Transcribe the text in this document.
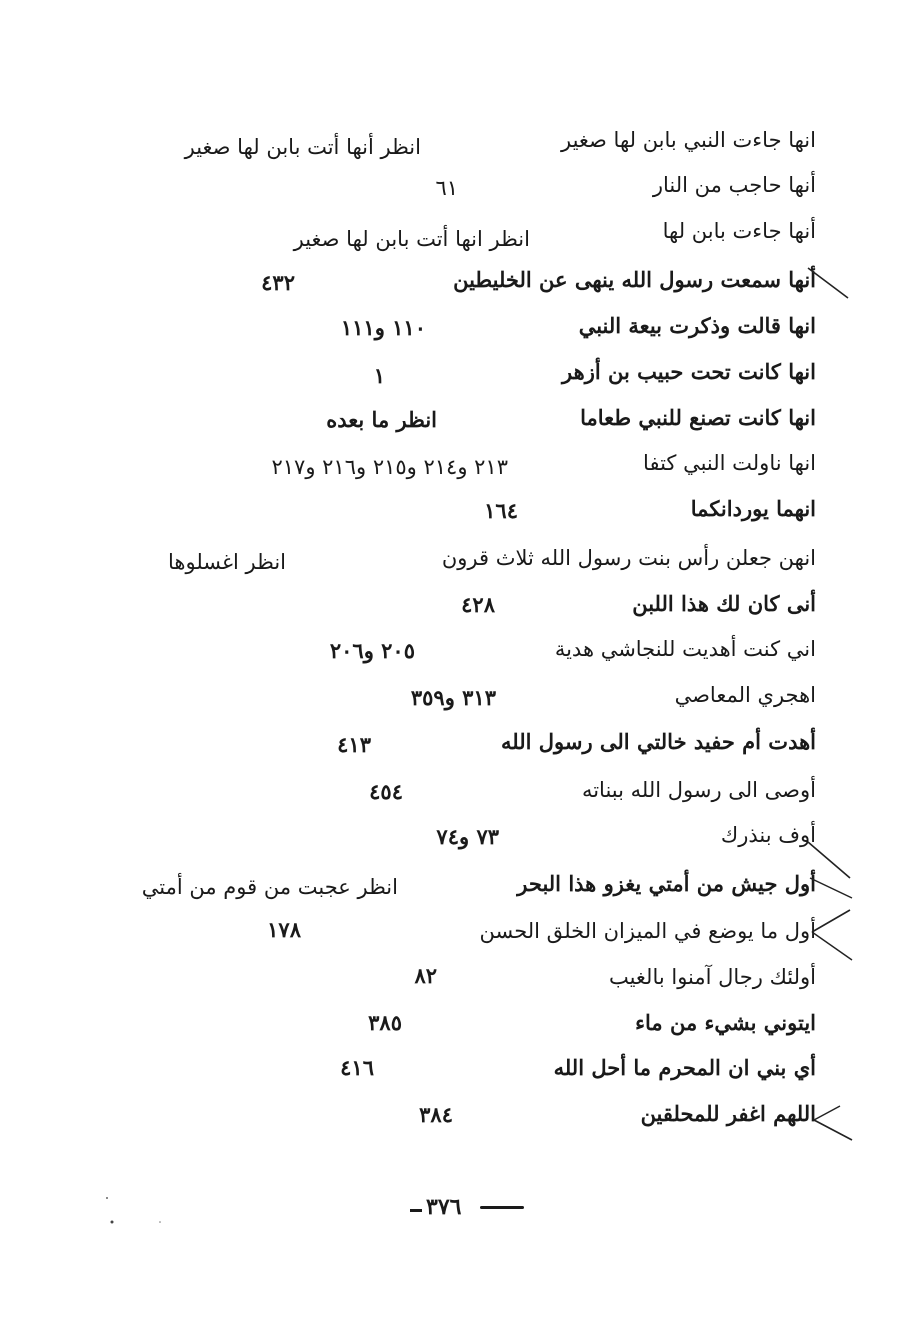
انها جاءت النبي بابن لها صغير
انظر أنها أتت بابن لها صغير
أنها حاجب من النار
٦١
أنها جاءت بابن لها
انظر انها أتت بابن لها صغير
أنها سمعت رسول الله ينهى عن الخليطين
٤٣٢
انها قالت وذكرت بيعة النبي
١١٠ و١١١
انها كانت تحت حبيب بن أزهر
١
انها كانت تصنع للنبي طعاما
انظر ما بعده
انها ناولت النبي كتفا
٢١٣ و٢١٤ و٢١٥ و٢١٦ و٢١٧
انهما يوردانكما
١٦٤
انهن جعلن رأس بنت رسول الله ثلاث قرون
انظر اغسلوها
أنى كان لك هذا اللبن
٤٢٨
اني كنت أهديت للنجاشي هدية
٢٠٥ و٢٠٦
اهجري المعاصي
٣١٣ و٣٥٩
أهدت أم حفيد خالتي الى رسول الله
٤١٣
أوصى الى رسول الله ببناته
٤٥٤
أوف بنذرك
٧٣ و٧٤
أول جيش من أمتي يغزو هذا البحر
انظر عجبت من قوم من أمتي
أول ما يوضع في الميزان الخلق الحسن
١٧٨
أولئك رجال آمنوا بالغيب
٨٢
ايتوني بشيء من ماء
٣٨٥
أي بني ان المحرم ما أحل الله
٤١٦
اللهم اغفر للمحلقين
٣٨٤
٣٧٦
